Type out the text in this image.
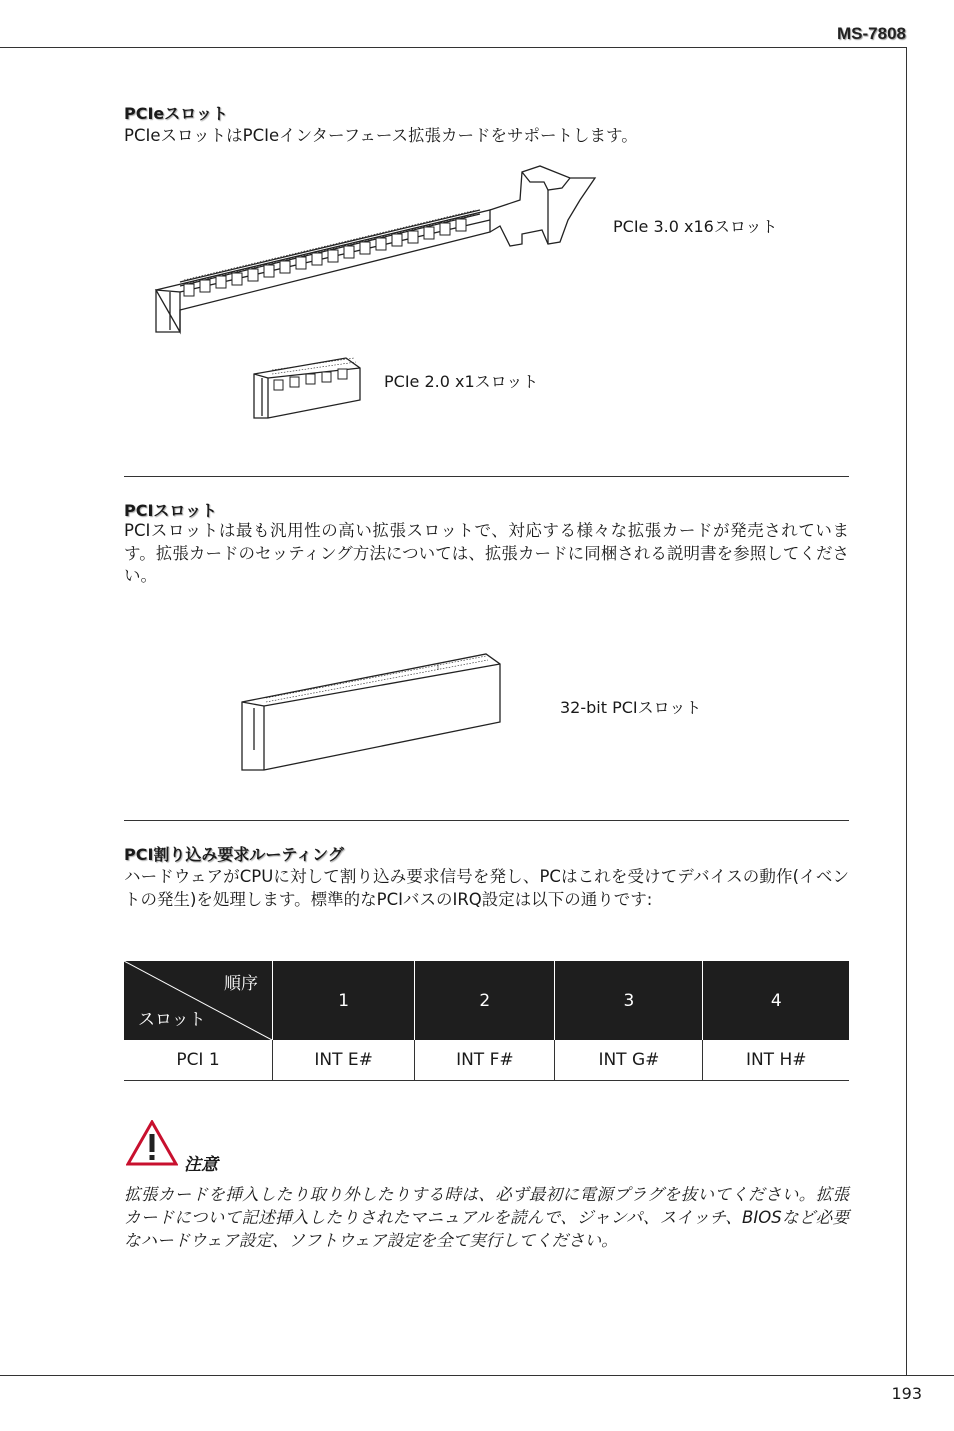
MS-7808
PCIeスロット
PCIeスロットはPCIeインターフェース拡張カードをサポートします。
PCIe 3.0 x16スロット
PCIe 2.0 x1スロット
PCIスロット
PCIスロットは最も汎用性の高い拡張スロットで、対応する様々な拡張カードが発売されています。拡張カードのセッティング方法については、拡張カードに同梱される説明書を参照してください。
32-bit PCIスロット
PCI割り込み要求ルーティング
ハードウェアがCPUに対して割り込み要求信号を発し、PCはこれを受けてデバイスの動作(イベントの発生)を処理します。標準的なPCIバスのIRQ設定は以下の通りです:
順序
スロット	1	2	3	4
PCI 1	INT E#	INT F#	INT G#	INT H#
注意
拡張カードを挿入したり取り外したりする時は、必ず最初に電源プラグを抜いてください。拡張カードについて記述挿入したりされたマニュアルを読んで、ジャンパ、スイッチ、BIOSなど必要なハードウェア設定、ソフトウェア設定を全て実行してください。
193
